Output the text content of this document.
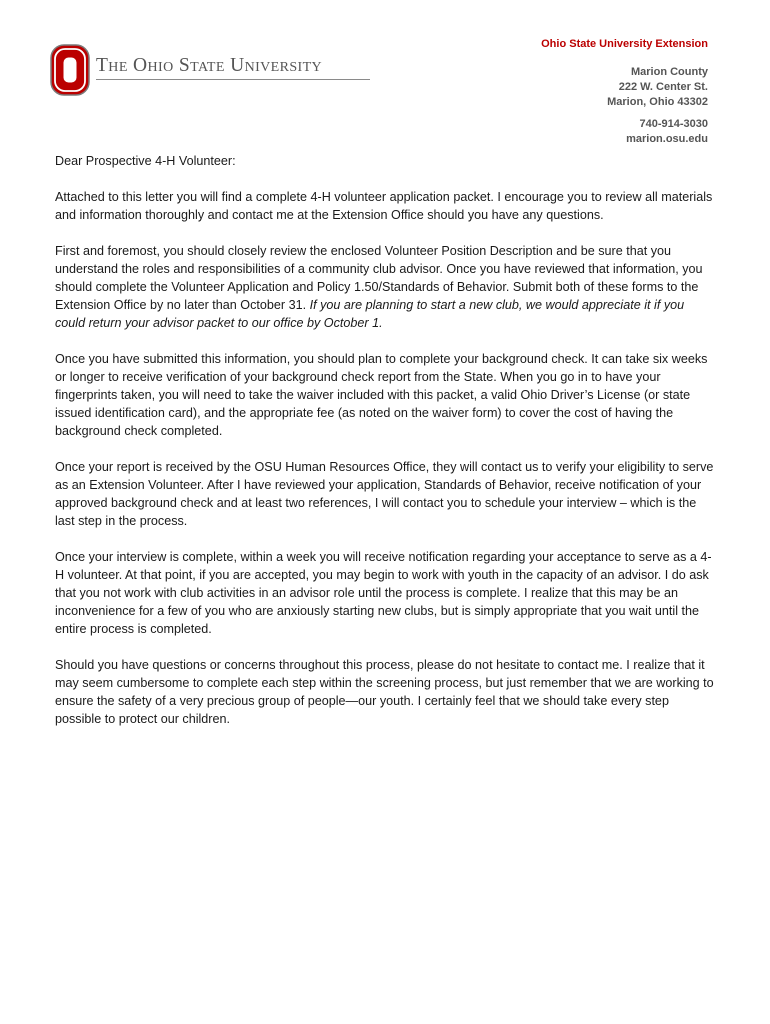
The Ohio State University
Ohio State University Extension
Marion County
222 W. Center St.
Marion, Ohio 43302
740-914-3030
marion.osu.edu

Dear Prospective 4-H Volunteer:

Attached to this letter you will find a complete 4-H volunteer application packet. I encourage you to review all materials and information thoroughly and contact me at the Extension Office should you have any questions.

First and foremost, you should closely review the enclosed Volunteer Position Description and be sure that you understand the roles and responsibilities of a community club advisor. Once you have reviewed that information, you should complete the Volunteer Application and Policy 1.50/Standards of Behavior. Submit both of these forms to the Extension Office by no later than October 31. If you are planning to start a new club, we would appreciate it if you could return your advisor packet to our office by October 1.

Once you have submitted this information, you should plan to complete your background check. It can take six weeks or longer to receive verification of your background check report from the State. When you go in to have your fingerprints taken, you will need to take the waiver included with this packet, a valid Ohio Driver’s License (or state issued identification card), and the appropriate fee (as noted on the waiver form) to cover the cost of having the background check completed.

Once your report is received by the OSU Human Resources Office, they will contact us to verify your eligibility to serve as an Extension Volunteer. After I have reviewed your application, Standards of Behavior, receive notification of your approved background check and at least two references, I will contact you to schedule your interview – which is the last step in the process.

Once your interview is complete, within a week you will receive notification regarding your acceptance to serve as a 4-H volunteer. At that point, if you are accepted, you may begin to work with youth in the capacity of an advisor. I do ask that you not work with club activities in an advisor role until the process is complete. I realize that this may be an inconvenience for a few of you who are anxiously starting new clubs, but is simply appropriate that you wait until the entire process is completed.

Should you have questions or concerns throughout this process, please do not hesitate to contact me. I realize that it may seem cumbersome to complete each step within the screening process, but just remember that we are working to ensure the safety of a very precious group of people—our youth. I certainly feel that we should take every step possible to protect our children.
